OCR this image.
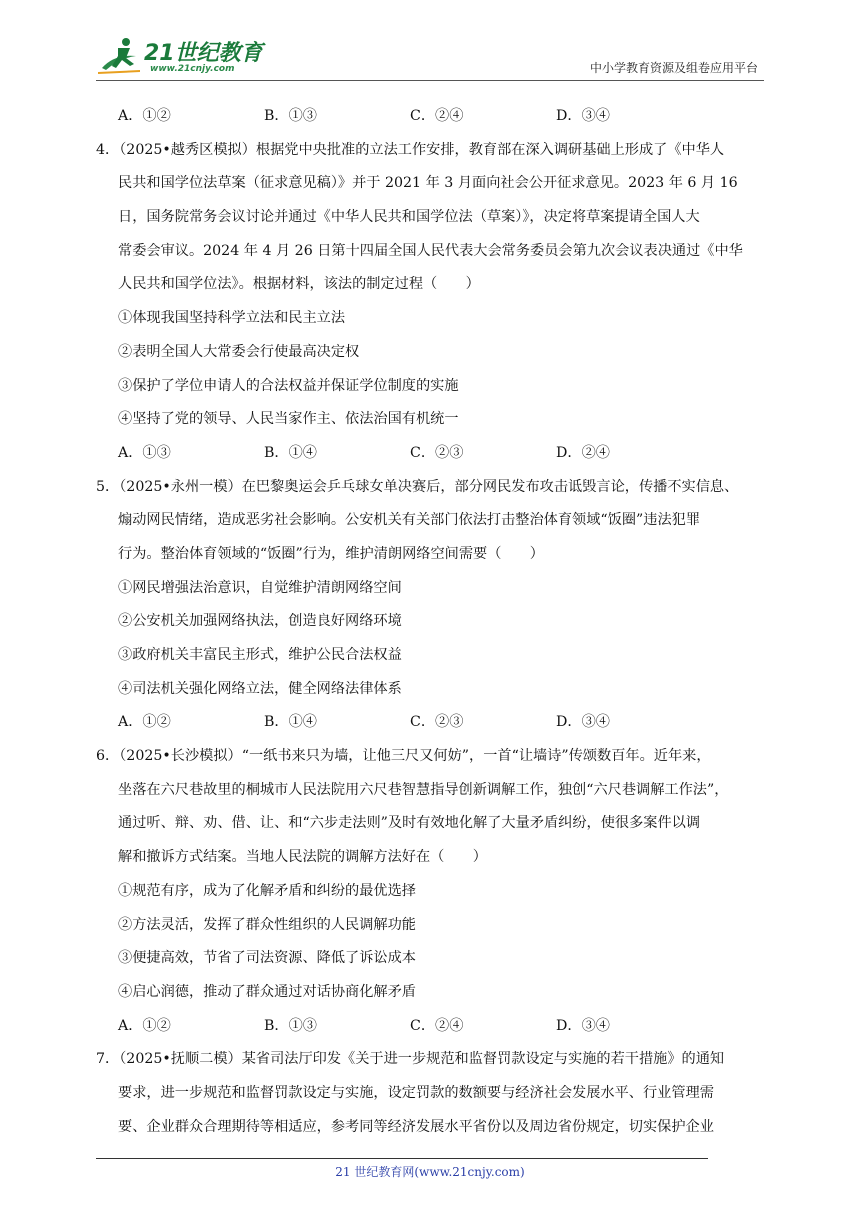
21世纪教育
www.21cnjy.com	中小学教育资源及组卷应用平台
A．①②	B．①③	C．②④	D．③④
4．（2025•越秀区模拟）根据党中央批准的立法工作安排，教育部在深入调研基础上形成了《中华人
民共和国学位法草案（征求意见稿）》并于 2021 年 3 月面向社会公开征求意见。2023 年 6 月 16
日，国务院常务会议讨论并通过《中华人民共和国学位法（草案）》，决定将草案提请全国人大
常委会审议。2024 年 4 月 26 日第十四届全国人民代表大会常务委员会第九次会议表决通过《中华
人民共和国学位法》。根据材料，该法的制定过程（　　）
①体现我国坚持科学立法和民主立法
②表明全国人大常委会行使最高决定权
③保护了学位申请人的合法权益并保证学位制度的实施
④坚持了党的领导、人民当家作主、依法治国有机统一
A．①③	B．①④	C．②③	D．②④
5．（2025•永州一模）在巴黎奥运会乒乓球女单决赛后，部分网民发布攻击诋毁言论，传播不实信息、
煽动网民情绪，造成恶劣社会影响。公安机关有关部门依法打击整治体育领域“饭圈”违法犯罪
行为。整治体育领域的“饭圈”行为，维护清朗网络空间需要（　　）
①网民增强法治意识，自觉维护清朗网络空间
②公安机关加强网络执法，创造良好网络环境
③政府机关丰富民主形式，维护公民合法权益
④司法机关强化网络立法，健全网络法律体系
A．①②	B．①④	C．②③	D．③④
6．（2025•长沙模拟）“一纸书来只为墙，让他三尺又何妨”，一首“让墙诗”传颂数百年。近年来，
坐落在六尺巷故里的桐城市人民法院用六尺巷智慧指导创新调解工作，独创“六尺巷调解工作法”，
通过听、辩、劝、借、让、和“六步走法则”及时有效地化解了大量矛盾纠纷，使很多案件以调
解和撤诉方式结案。当地人民法院的调解方法好在（　　）
①规范有序，成为了化解矛盾和纠纷的最优选择
②方法灵活，发挥了群众性组织的人民调解功能
③便捷高效，节省了司法资源、降低了诉讼成本
④启心润德，推动了群众通过对话协商化解矛盾
A．①②	B．①③	C．②④	D．③④
7．（2025•抚顺二模）某省司法厅印发《关于进一步规范和监督罚款设定与实施的若干措施》的通知
要求，进一步规范和监督罚款设定与实施，设定罚款的数额要与经济社会发展水平、行业管理需
要、企业群众合理期待等相适应，参考同等经济发展水平省份以及周边省份规定，切实保护企业
21 世纪教育网(www.21cnjy.com)
